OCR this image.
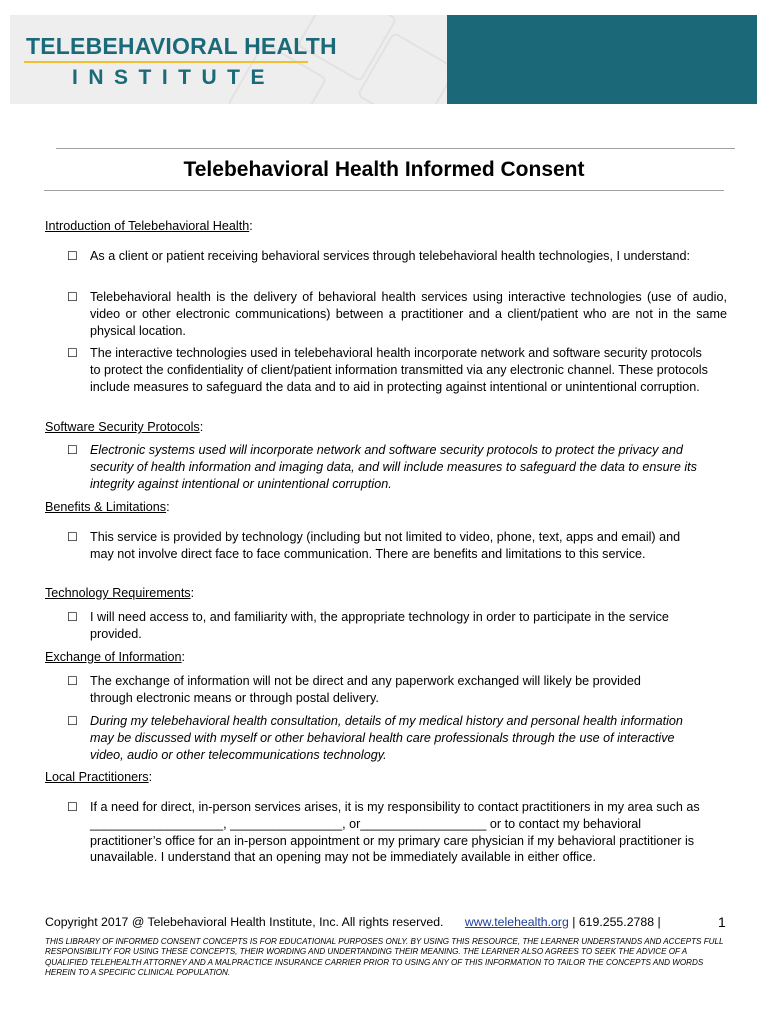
TELEBEHAVIORAL HEALTH
INSTITUTE
Telebehavioral Health Informed Consent
Introduction of Telebehavioral Health:
☐ As a client or patient receiving behavioral services through telebehavioral health technologies, I understand:
☐ Telebehavioral health is the delivery of behavioral health services using interactive technologies (use of audio, video or other electronic communications) between a practitioner and a client/patient who are not in the same physical location.
☐ The interactive technologies used in telebehavioral health incorporate network and software security protocols to protect the confidentiality of client/patient information transmitted via any electronic channel. These protocols include measures to safeguard the data and to aid in protecting against intentional or unintentional corruption.
Software Security Protocols:
☐ Electronic systems used will incorporate network and software security protocols to protect the privacy and security of health information and imaging data, and will include measures to safeguard the data to ensure its integrity against intentional or unintentional corruption.
Benefits & Limitations:
☐ This service is provided by technology (including but not limited to video, phone, text, apps and email) and may not involve direct face to face communication. There are benefits and limitations to this service.
Technology Requirements:
☐ I will need access to, and familiarity with, the appropriate technology in order to participate in the service provided.
Exchange of Information:
☐ The exchange of information will not be direct and any paperwork exchanged will likely be provided through electronic means or through postal delivery.
☐ During my telebehavioral health consultation, details of my medical history and personal health information may be discussed with myself or other behavioral health care professionals through the use of interactive video, audio or other telecommunications technology.
Local Practitioners:
☐ If a need for direct, in-person services arises, it is my responsibility to contact practitioners in my area such as ___________________, ________________, or__________________ or to contact my behavioral practitioner’s office for an in-person appointment or my primary care physician if my behavioral practitioner is unavailable. I understand that an opening may not be immediately available in either office.
Copyright 2017 @ Telebehavioral Health Institute, Inc. All rights reserved. www.telehealth.org | 619.255.2788 |	1
THIS LIBRARY OF INFORMED CONSENT CONCEPTS IS FOR EDUCATIONAL PURPOSES ONLY. BY USING THIS RESOURCE, THE LEARNER UNDERSTANDS AND ACCEPTS FULL RESPONSIBILITY FOR USING THESE CONCEPTS, THEIR WORDING AND UNDERTANDING THEIR MEANING. THE LEARNER ALSO AGREES TO SEEK THE ADVICE OF A QUALIFIED TELEHEALTH ATTORNEY AND A MALPRACTICE INSURANCE CARRIER PRIOR TO USING ANY OF THIS INFORMATION TO TAILOR THE CONCEPTS AND WORDS HEREIN TO A SPECIFIC CLINICAL POPULATION.
